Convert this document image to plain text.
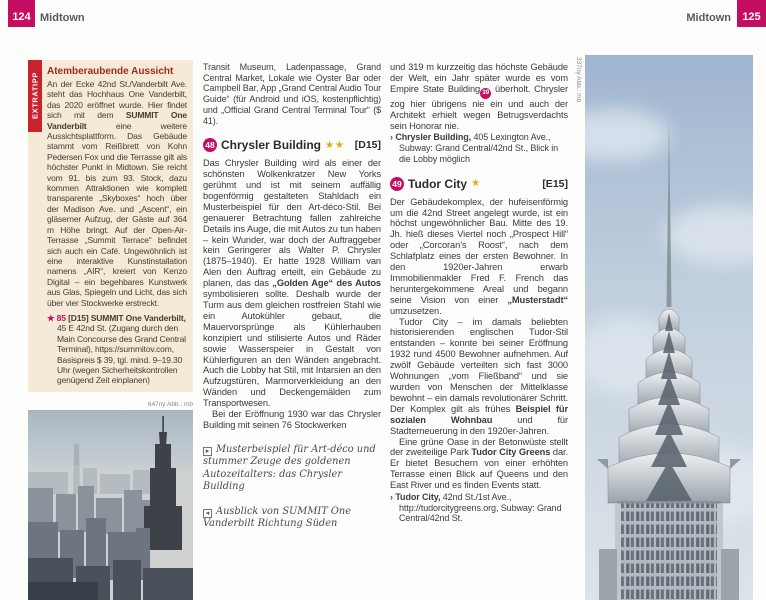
124 Midtown	Midtown	125
EXTRATIPP
Atemberaubende Aussicht
An der Ecke 42nd St./Vanderbilt Ave. steht das Hochhaus One Vanderbilt, das 2020 eröffnet wurde. Hier findet sich mit dem SUMMIT One Vanderbilt eine weitere Aussichtsplattform. Das Gebäude stammt vom Reißbrett von Kohn Pedersen Fox und die Terrasse gilt als höchster Punkt in Midtown. Sie reicht vom 91. bis zum 93. Stock, dazu kommen Attraktionen wie komplett transparente „Skyboxes“ hoch über der Madison Ave. und „Ascent“, ein gläserner Aufzug, der Gäste auf 364 m Höhe bringt. Auf der Open-Air-Terrasse „Summit Terrace“ befindet sich auch ein Café. Ungewöhnlich ist eine interaktive Kunstinstallation namens „AIR“, kreiert von Kenzo Digital – ein begehbares Kunstwerk aus Glas, Spiegeln und Licht, das sich über vier Stockwerke erstreckt.
★ 85 [D15] SUMMIT One Vanderbilt, 45 E 42nd St. (Zugang durch den Main Concourse des Grand Central Terminal), https://summitov.com, Basispreis $ 39, tgl. mind. 9–19.30 Uhr (wegen Sicherheitskontrollen genügend Zeit einplanen)
647ny Abb.: mb

Transit Museum, Ladenpassage, Grand Central Market, Lokale wie Oyster Bar oder Campbell Bar, App „Grand Central Audio Tour Guide“ (für Android und iOS, kostenpflichtig) und „Official Grand Central Terminal Tour“ ($ 41).

48 Chrysler Building ★★ [D15]

Das Chrysler Building wird als einer der schönsten Wolkenkratzer New Yorks gerühmt und ist mit seinem auffällig bogenförmig gestalteten Stahldach ein Musterbeispiel für den Art-déco-Stil. Bei genauerer Betrachtung fallen zahlreiche Details ins Auge, die mit Autos zu tun haben – kein Wunder, war doch der Auftraggeber kein Geringerer als Walter P. Chrysler (1875–1940). Er hatte 1928 William van Alen den Auftrag erteilt, ein Gebäude zu planen, das das „Golden Age“ des Autos symbolisieren sollte. Deshalb wurde der Turm aus dem gleichen rostfreien Stahl wie ein Autokühler gebaut, die Mauervorsprünge als Kühlerhauben konzipiert und stilisierte Autos und Räder sowie Wasserspeier in Gestalt von Kühlerfiguren an den Wänden angebracht. Auch die Lobby hat Stil, mit Intarsien an den Aufzugstüren, Marmorverkleidung an den Wänden und Deckengemälden zum Transportwesen.

Bei der Eröffnung 1930 war das Chrysler Building mit seinen 76 Stockwerken

▸ Musterbeispiel für Art-déco und stummer Zeuge des goldenen Autozeitalters: das Chrysler Building
◂ Ausblick von SUMMIT One Vanderbilt Richtung Süden

und 319 m kurzzeitig das höchste Gebäude der Welt, ein Jahr später wurde es vom Empire State Building 39 überholt. Chrysler zog hier übrigens nie ein und auch der Architekt erhielt wegen Betrugsverdachts sein Honorar nie.

› Chrysler Building, 405 Lexington Ave., Subway: Grand Central/42nd St., Blick in die Lobby möglich

49 Tudor City ★	[E15]

Der Gebäudekomplex, der hufeisenförmig um die 42nd Street angelegt wurde, ist ein höchst ungewöhnlicher Bau. Mitte des 19. Jh. hieß dieses Viertel noch „Prospect Hill“ oder „Corcoran’s Roost“, nach dem Schlafplatz eines der ersten Bewohner. In den 1920er-Jahren erwarb Immobilienmakler Fred F. French das heruntergekommene Areal und begann seine Vision von einer „Musterstadt“ umzusetzen.

Tudor City – im damals beliebten historisierenden englischen Tudor-Stil entstanden – konnte bei seiner Eröffnung 1932 rund 4500 Bewohner aufnehmen. Auf zwölf Gebäude verteilten sich fast 3000 Wohnungen „vom Fließband“ und sie wurden von Menschen der Mittelklasse bewohnt – ein damals revolutionärer Schritt. Der Komplex gilt als frühes Beispiel für sozialen Wohnbau und für Stadterneuerung in den 1920er-Jahren.

Eine grüne Oase in der Betonwüste stellt der zweiteilige Park Tudor City Greens dar. Er bietet Besuchern von einer erhöhten Terrasse einen Blick auf Queens und den East River und es finden Events statt.

› Tudor City, 42nd St./1st Ave., http://tudorcitygreens.org, Subway: Grand Central/42nd St.

337ny Abb.: mb
